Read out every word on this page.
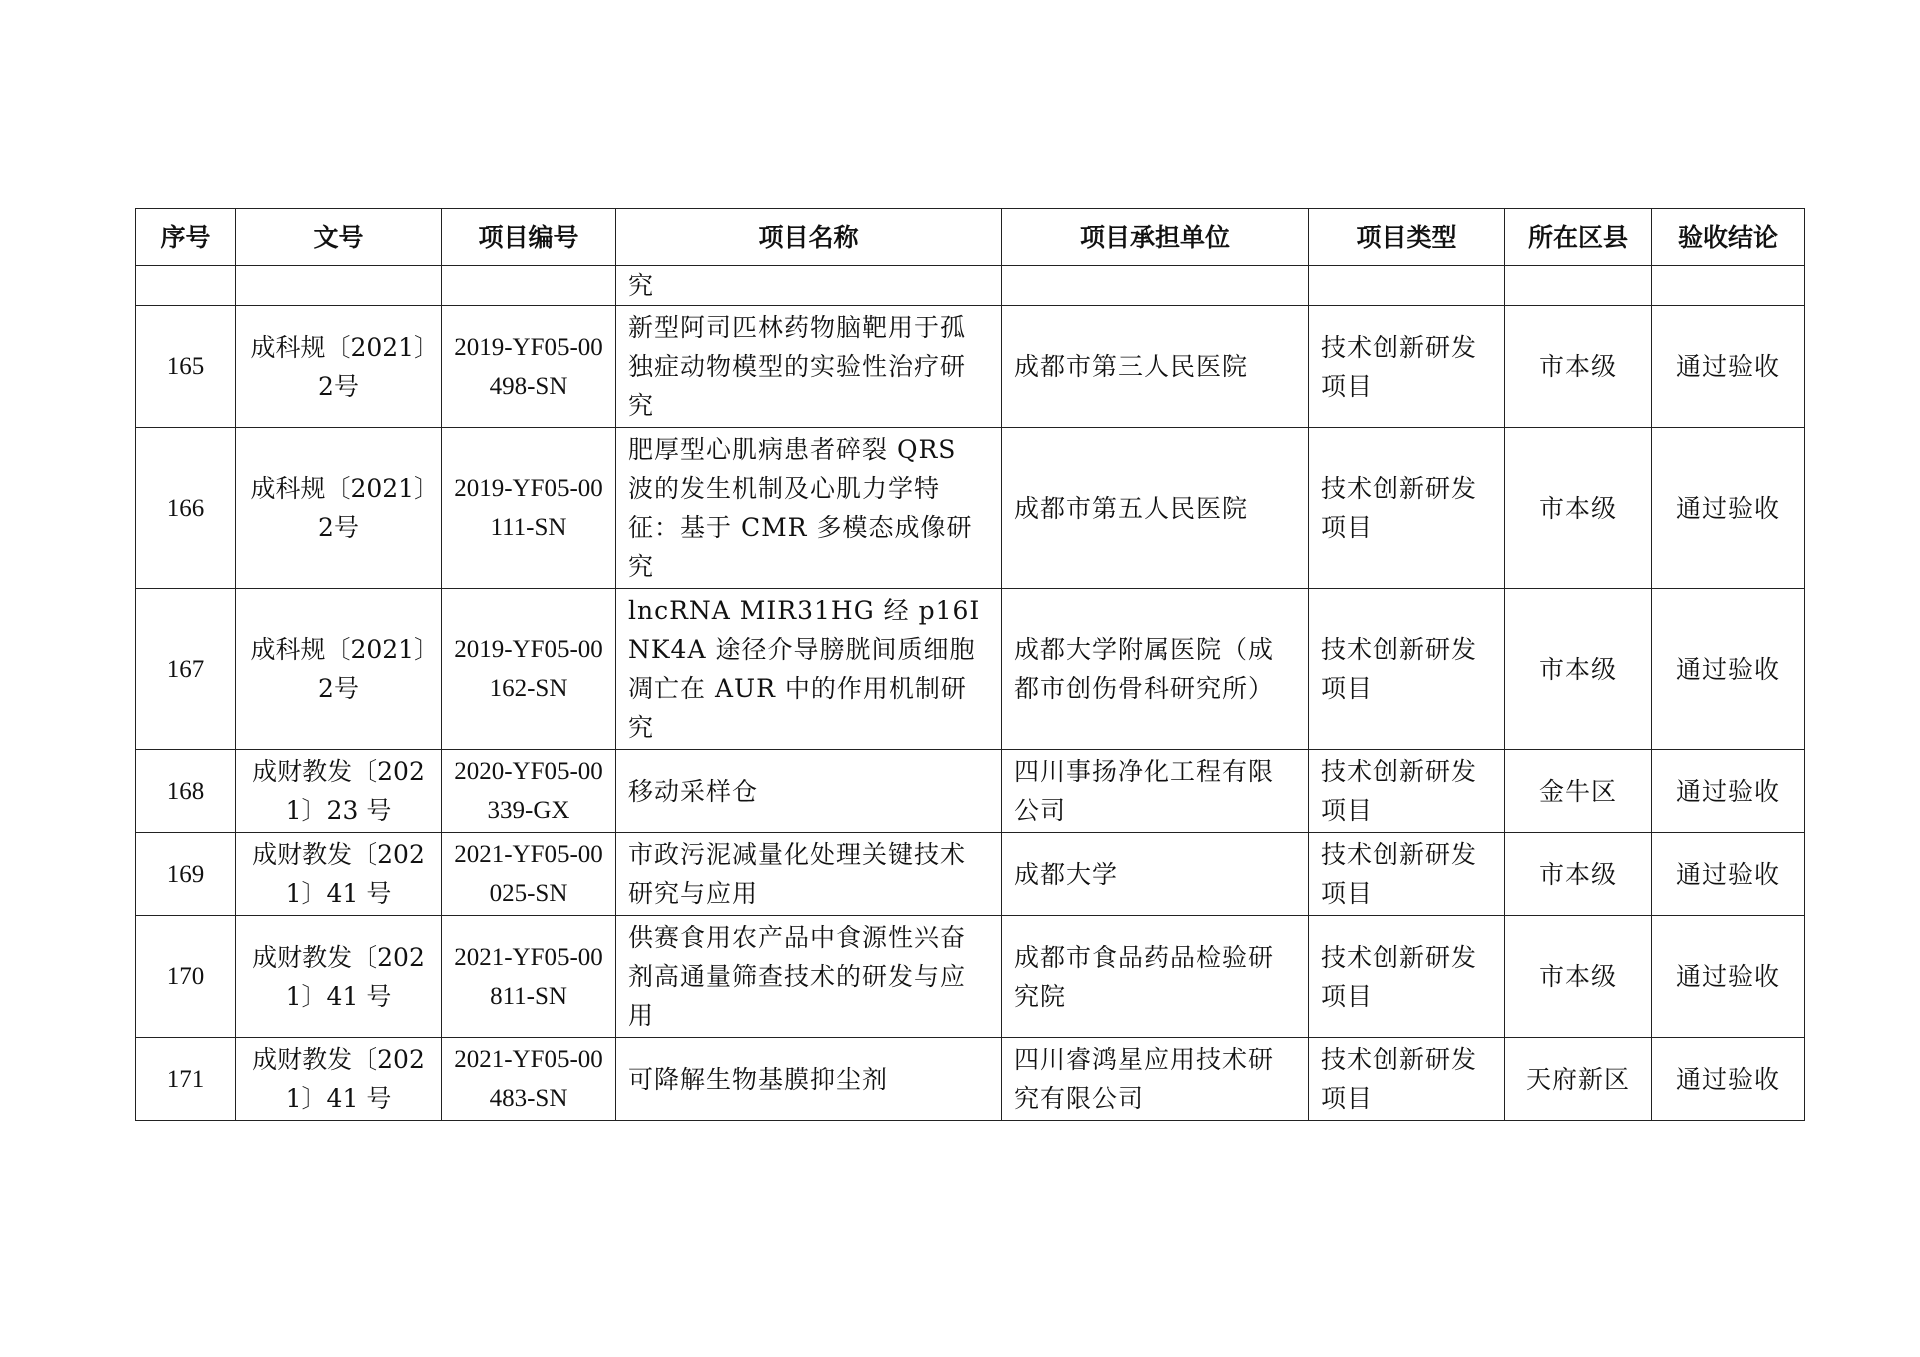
序号	文号	项目编号	项目名称	项目承担单位	项目类型	所在区县	验收结论
			究				
165	成科规〔2021〕2号	2019-YF05-00498-SN	新型阿司匹林药物脑靶用于孤独症动物模型的实验性治疗研究	成都市第三人民医院	技术创新研发项目	市本级	通过验收
166	成科规〔2021〕2号	2019-YF05-00111-SN	肥厚型心肌病患者碎裂 QRS 波的发生机制及心肌力学特征：基于 CMR 多模态成像研究	成都市第五人民医院	技术创新研发项目	市本级	通过验收
167	成科规〔2021〕2号	2019-YF05-00162-SN	lncRNA MIR31HG 经 p16INK4A 途径介导膀胱间质细胞凋亡在 AUR 中的作用机制研究	成都大学附属医院（成都市创伤骨科研究所）	技术创新研发项目	市本级	通过验收
168	成财教发〔2021〕23 号	2020-YF05-00339-GX	移动采样仓	四川事扬净化工程有限公司	技术创新研发项目	金牛区	通过验收
169	成财教发〔2021〕41 号	2021-YF05-00025-SN	市政污泥减量化处理关键技术研究与应用	成都大学	技术创新研发项目	市本级	通过验收
170	成财教发〔2021〕41 号	2021-YF05-00811-SN	供赛食用农产品中食源性兴奋剂高通量筛查技术的研发与应用	成都市食品药品检验研究院	技术创新研发项目	市本级	通过验收
171	成财教发〔2021〕41 号	2021-YF05-00483-SN	可降解生物基膜抑尘剂	四川睿鸿星应用技术研究有限公司	技术创新研发项目	天府新区	通过验收
